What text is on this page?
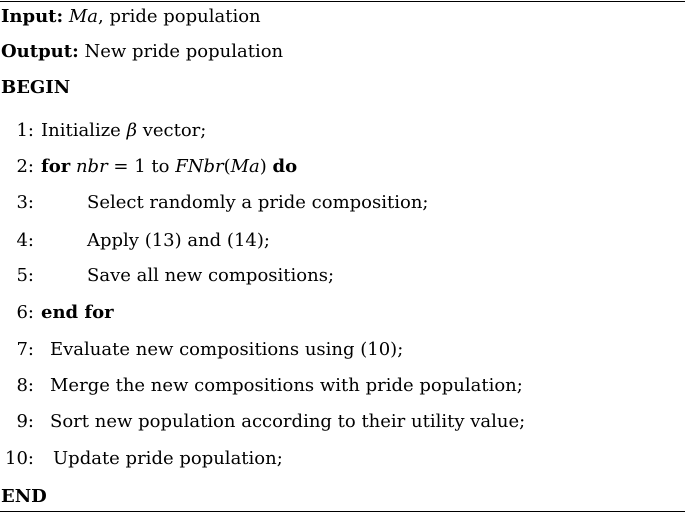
Input: Ma, pride population
Output: New pride population
BEGIN
1: Initialize β vector;
2: for nbr = 1 to FNbr(Ma) do
3:	Select randomly a pride composition;
4:	Apply (13) and (14);
5:	Save all new compositions;
6: end for
7: Evaluate new compositions using (10);
8: Merge the new compositions with pride population;
9: Sort new population according to their utility value;
10: Update pride population;
END
